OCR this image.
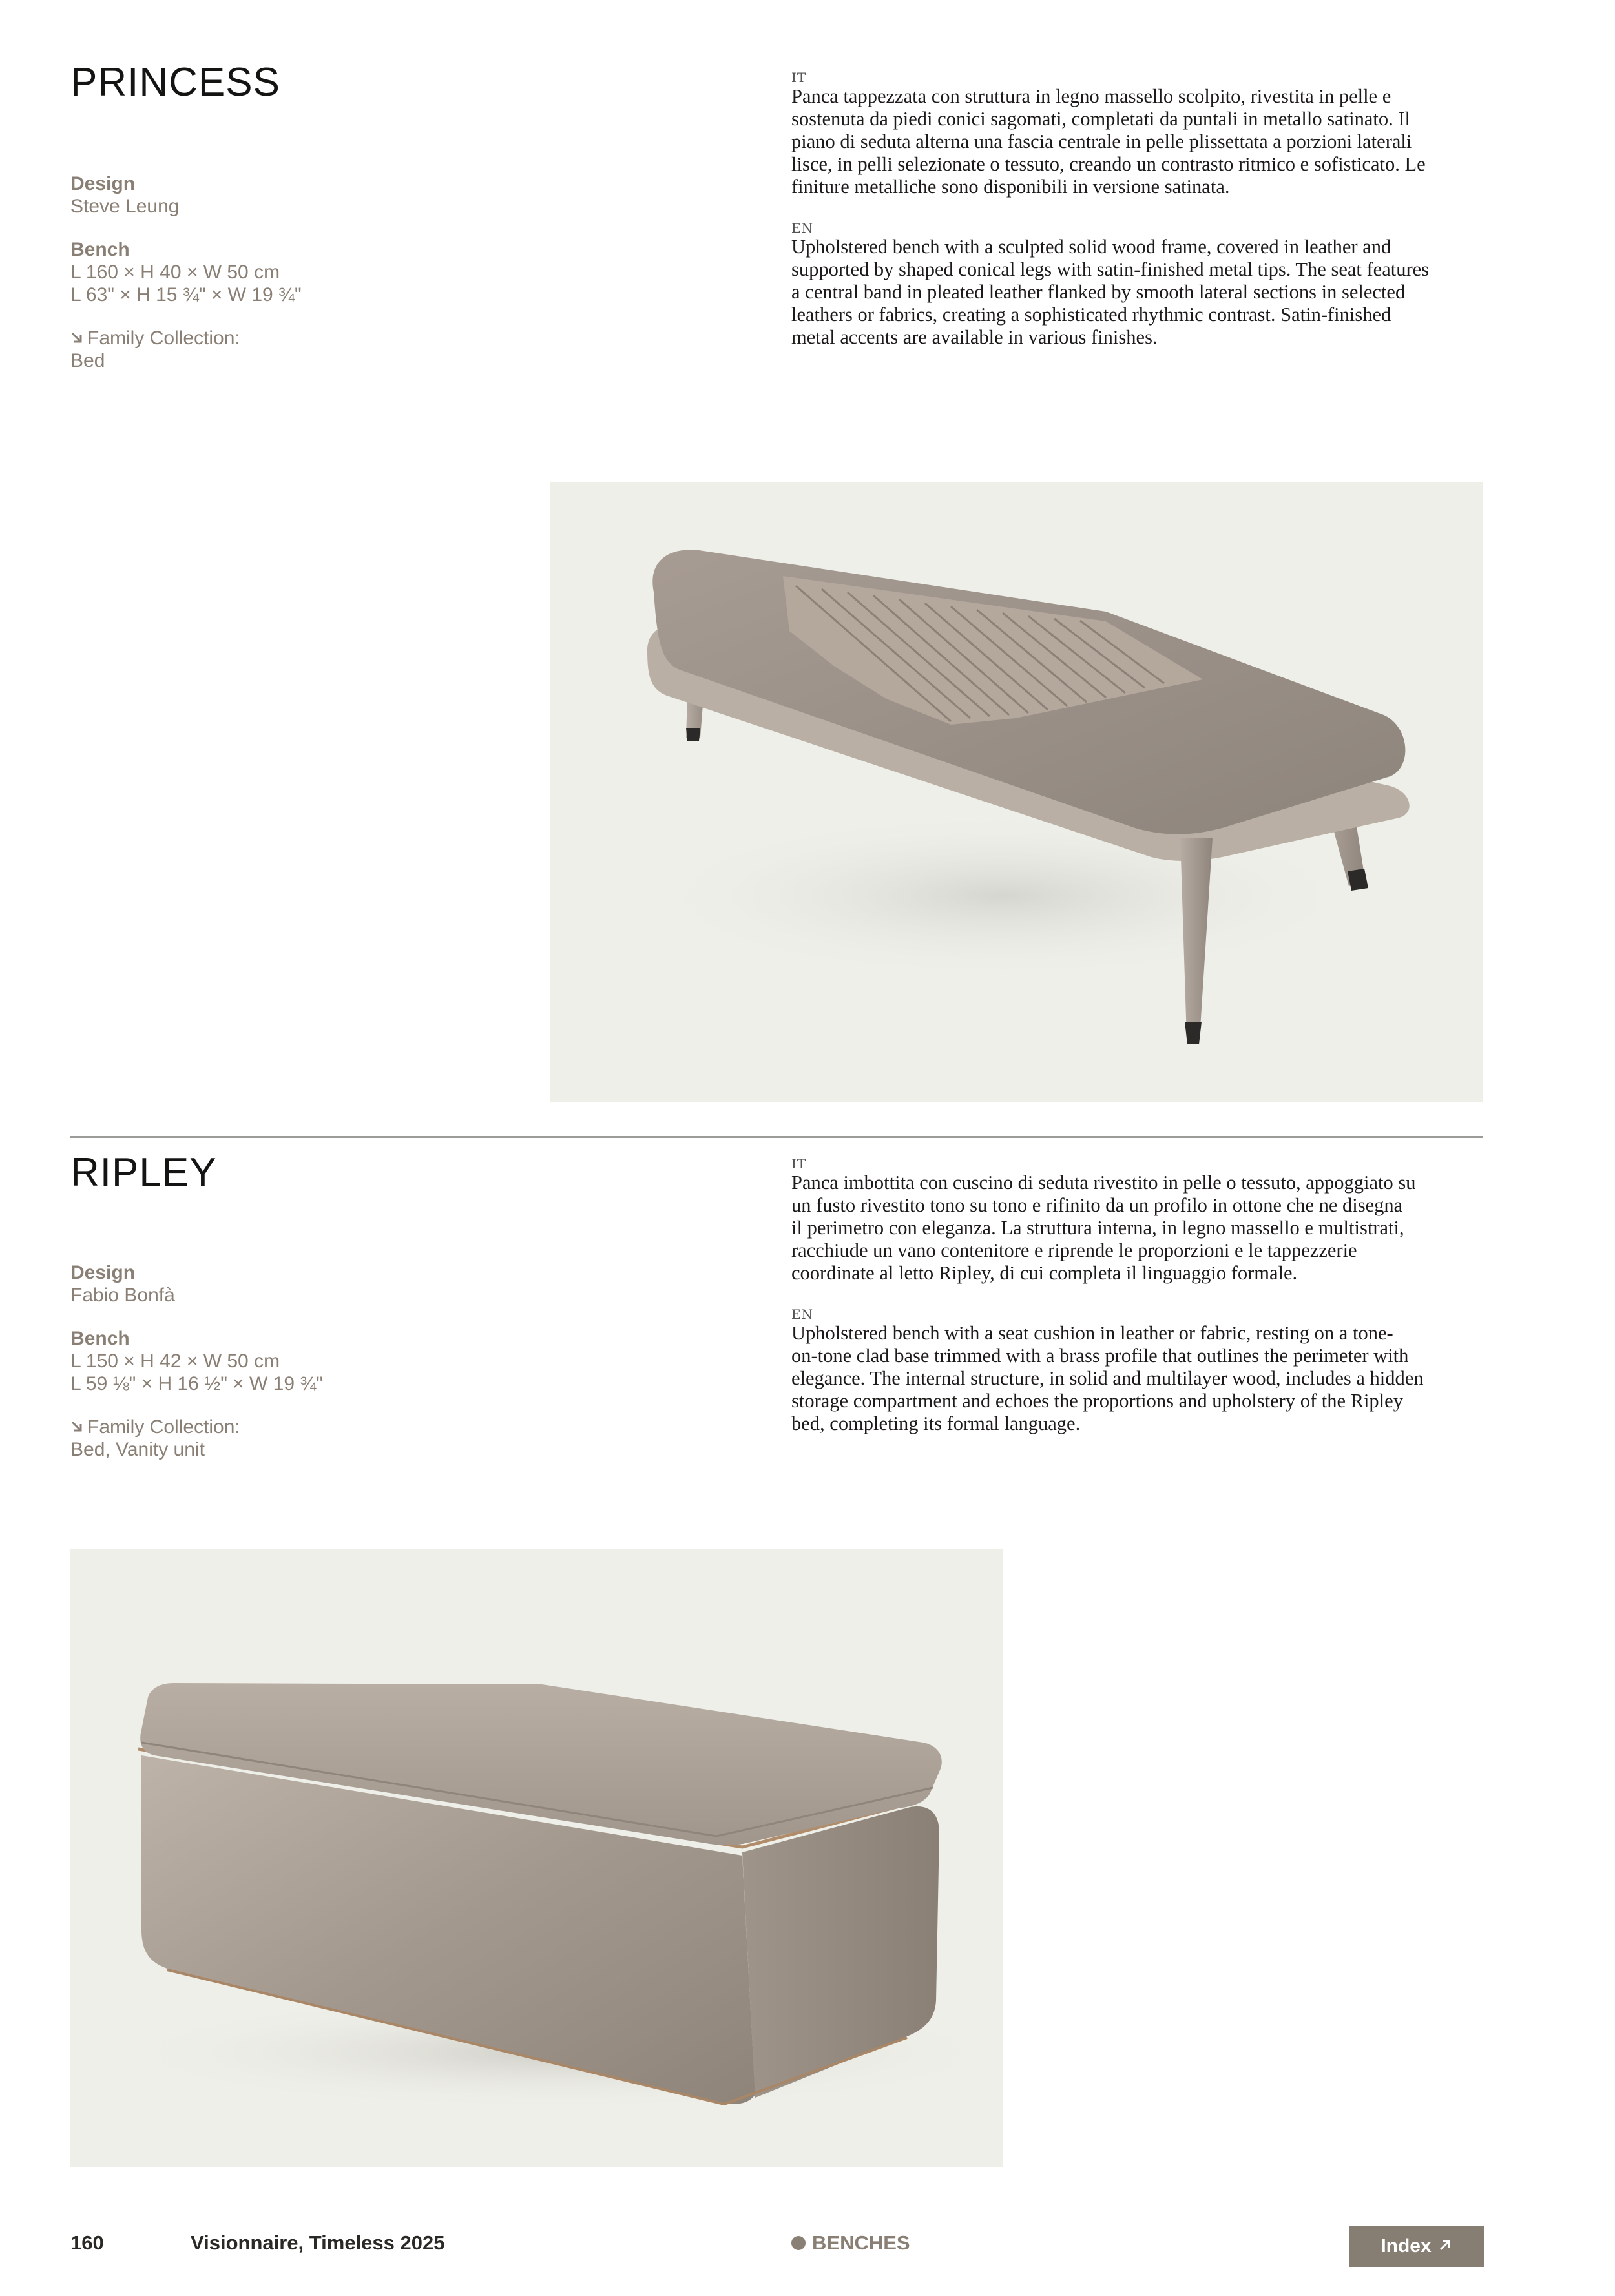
PRINCESS
Design
Steve Leung
Bench
L 160 × H 40 × W 50 cm
L 63" × H 15 ¾" × W 19 ¾"
Family Collection:
Bed
IT
Panca tappezzata con struttura in legno massello scolpito, rivestita in pelle e
sostenuta da piedi conici sagomati, completati da puntali in metallo satinato. Il
piano di seduta alterna una fascia centrale in pelle plissettata a porzioni laterali
lisce, in pelli selezionate o tessuto, creando un contrasto ritmico e sofisticato. Le
finiture metalliche sono disponibili in versione satinata.
EN
Upholstered bench with a sculpted solid wood frame, covered in leather and
supported by shaped conical legs with satin-finished metal tips. The seat features
a central band in pleated leather flanked by smooth lateral sections in selected
leathers or fabrics, creating a sophisticated rhythmic contrast. Satin-finished
metal accents are available in various finishes.
RIPLEY
Design
Fabio Bonfà
Bench
L 150 × H 42 × W 50 cm
L 59 ⅛" × H 16 ½" × W 19 ¾"
Family Collection:
Bed, Vanity unit
IT
Panca imbottita con cuscino di seduta rivestito in pelle o tessuto, appoggiato su
un fusto rivestito tono su tono e rifinito da un profilo in ottone che ne disegna
il perimetro con eleganza. La struttura interna, in legno massello e multistrati,
racchiude un vano contenitore e riprende le proporzioni e le tappezzerie
coordinate al letto Ripley, di cui completa il linguaggio formale.
EN
Upholstered bench with a seat cushion in leather or fabric, resting on a tone-
on-tone clad base trimmed with a brass profile that outlines the perimeter with
elegance. The internal structure, in solid and multilayer wood, includes a hidden
storage compartment and echoes the proportions and upholstery of the Ripley
bed, completing its formal language.
160	Visionnaire, Timeless 2025	BENCHES	Index
